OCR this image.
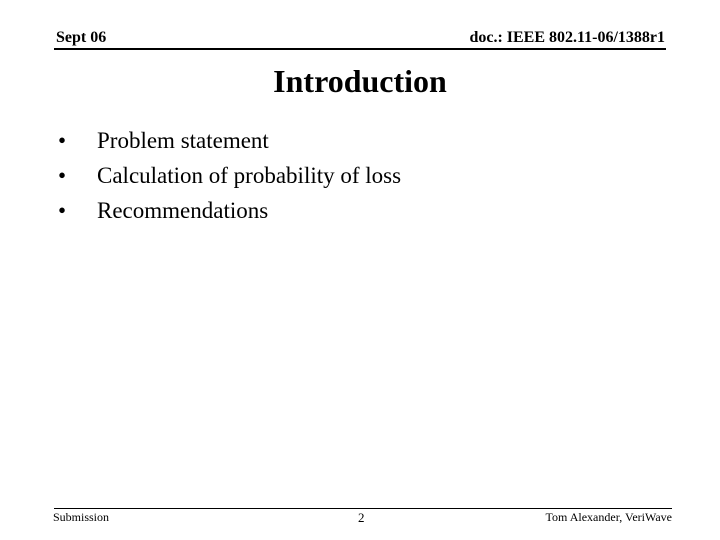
Sept 06	doc.: IEEE 802.11-06/1388r1
Introduction
• Problem statement
• Calculation of probability of loss
• Recommendations
Submission	2	Tom Alexander, VeriWave
